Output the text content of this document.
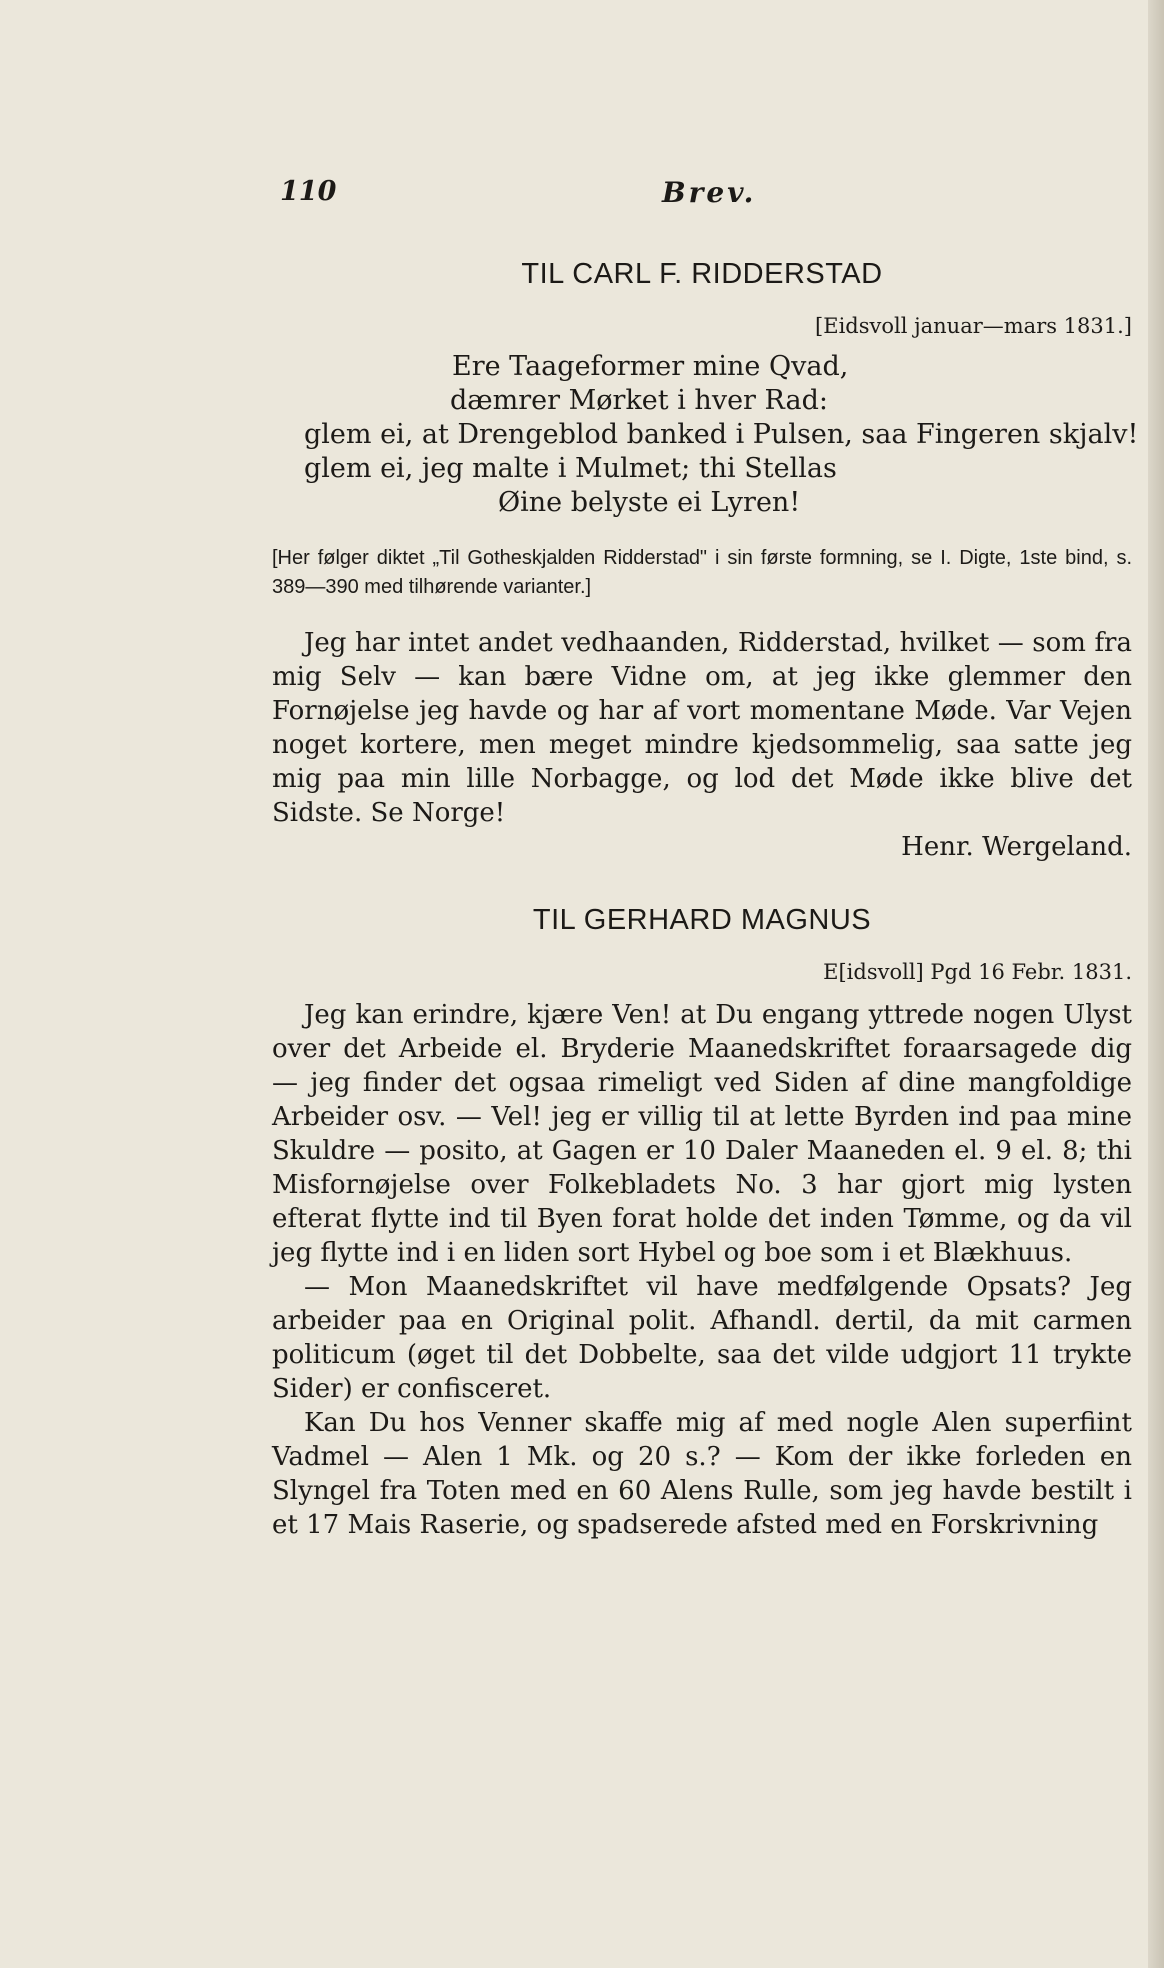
110	Brev.
TIL CARL F. RIDDERSTAD
[Eidsvoll januar—mars 1831.]
Ere Taageformer mine Qvad,
dæmrer Mørket i hver Rad:
glem ei, at Drengeblod banked i Pulsen, saa Fingeren skjalv!
glem ei, jeg malte i Mulmet; thi Stellas
Øine belyste ei Lyren!
[Her følger diktet „Til Gotheskjalden Ridderstad" i sin første formning, se I. Digte, 1ste bind, s. 389—390 med tilhørende varianter.]

Jeg har intet andet vedhaanden, Ridderstad, hvilket — som fra mig Selv — kan bære Vidne om, at jeg ikke glemmer den Fornøjelse jeg havde og har af vort momentane Møde. Var Vejen noget kortere, men meget mindre kjedsommelig, saa satte jeg mig paa min lille Norbagge, og lod det Møde ikke blive det Sidste. Se Norge!

Henr. Wergeland.
TIL GERHARD MAGNUS
E[idsvoll] Pgd 16 Febr. 1831.

Jeg kan erindre, kjære Ven! at Du engang yttrede nogen Ulyst over det Arbeide el. Bryderie Maanedskriftet foraarsagede dig — jeg finder det ogsaa rimeligt ved Siden af dine mangfoldige Arbeider osv. — Vel! jeg er villig til at lette Byrden ind paa mine Skuldre — posito, at Gagen er 10 Daler Maaneden el. 9 el. 8; thi Misfornøjelse over Folkebladets No. 3 har gjort mig lysten efterat flytte ind til Byen forat holde det inden Tømme, og da vil jeg flytte ind i en liden sort Hybel og boe som i et Blækhuus.

— Mon Maanedskriftet vil have medfølgende Opsats? Jeg arbeider paa en Original polit. Afhandl. dertil, da mit carmen politicum (øget til det Dobbelte, saa det vilde udgjort 11 trykte Sider) er confisceret.

Kan Du hos Venner skaffe mig af med nogle Alen superfiint Vadmel — Alen 1 Mk. og 20 s.? — Kom der ikke forleden en Slyngel fra Toten med en 60 Alens Rulle, som jeg havde bestilt i et 17 Mais Raserie, og spadserede afsted med en Forskrivning
